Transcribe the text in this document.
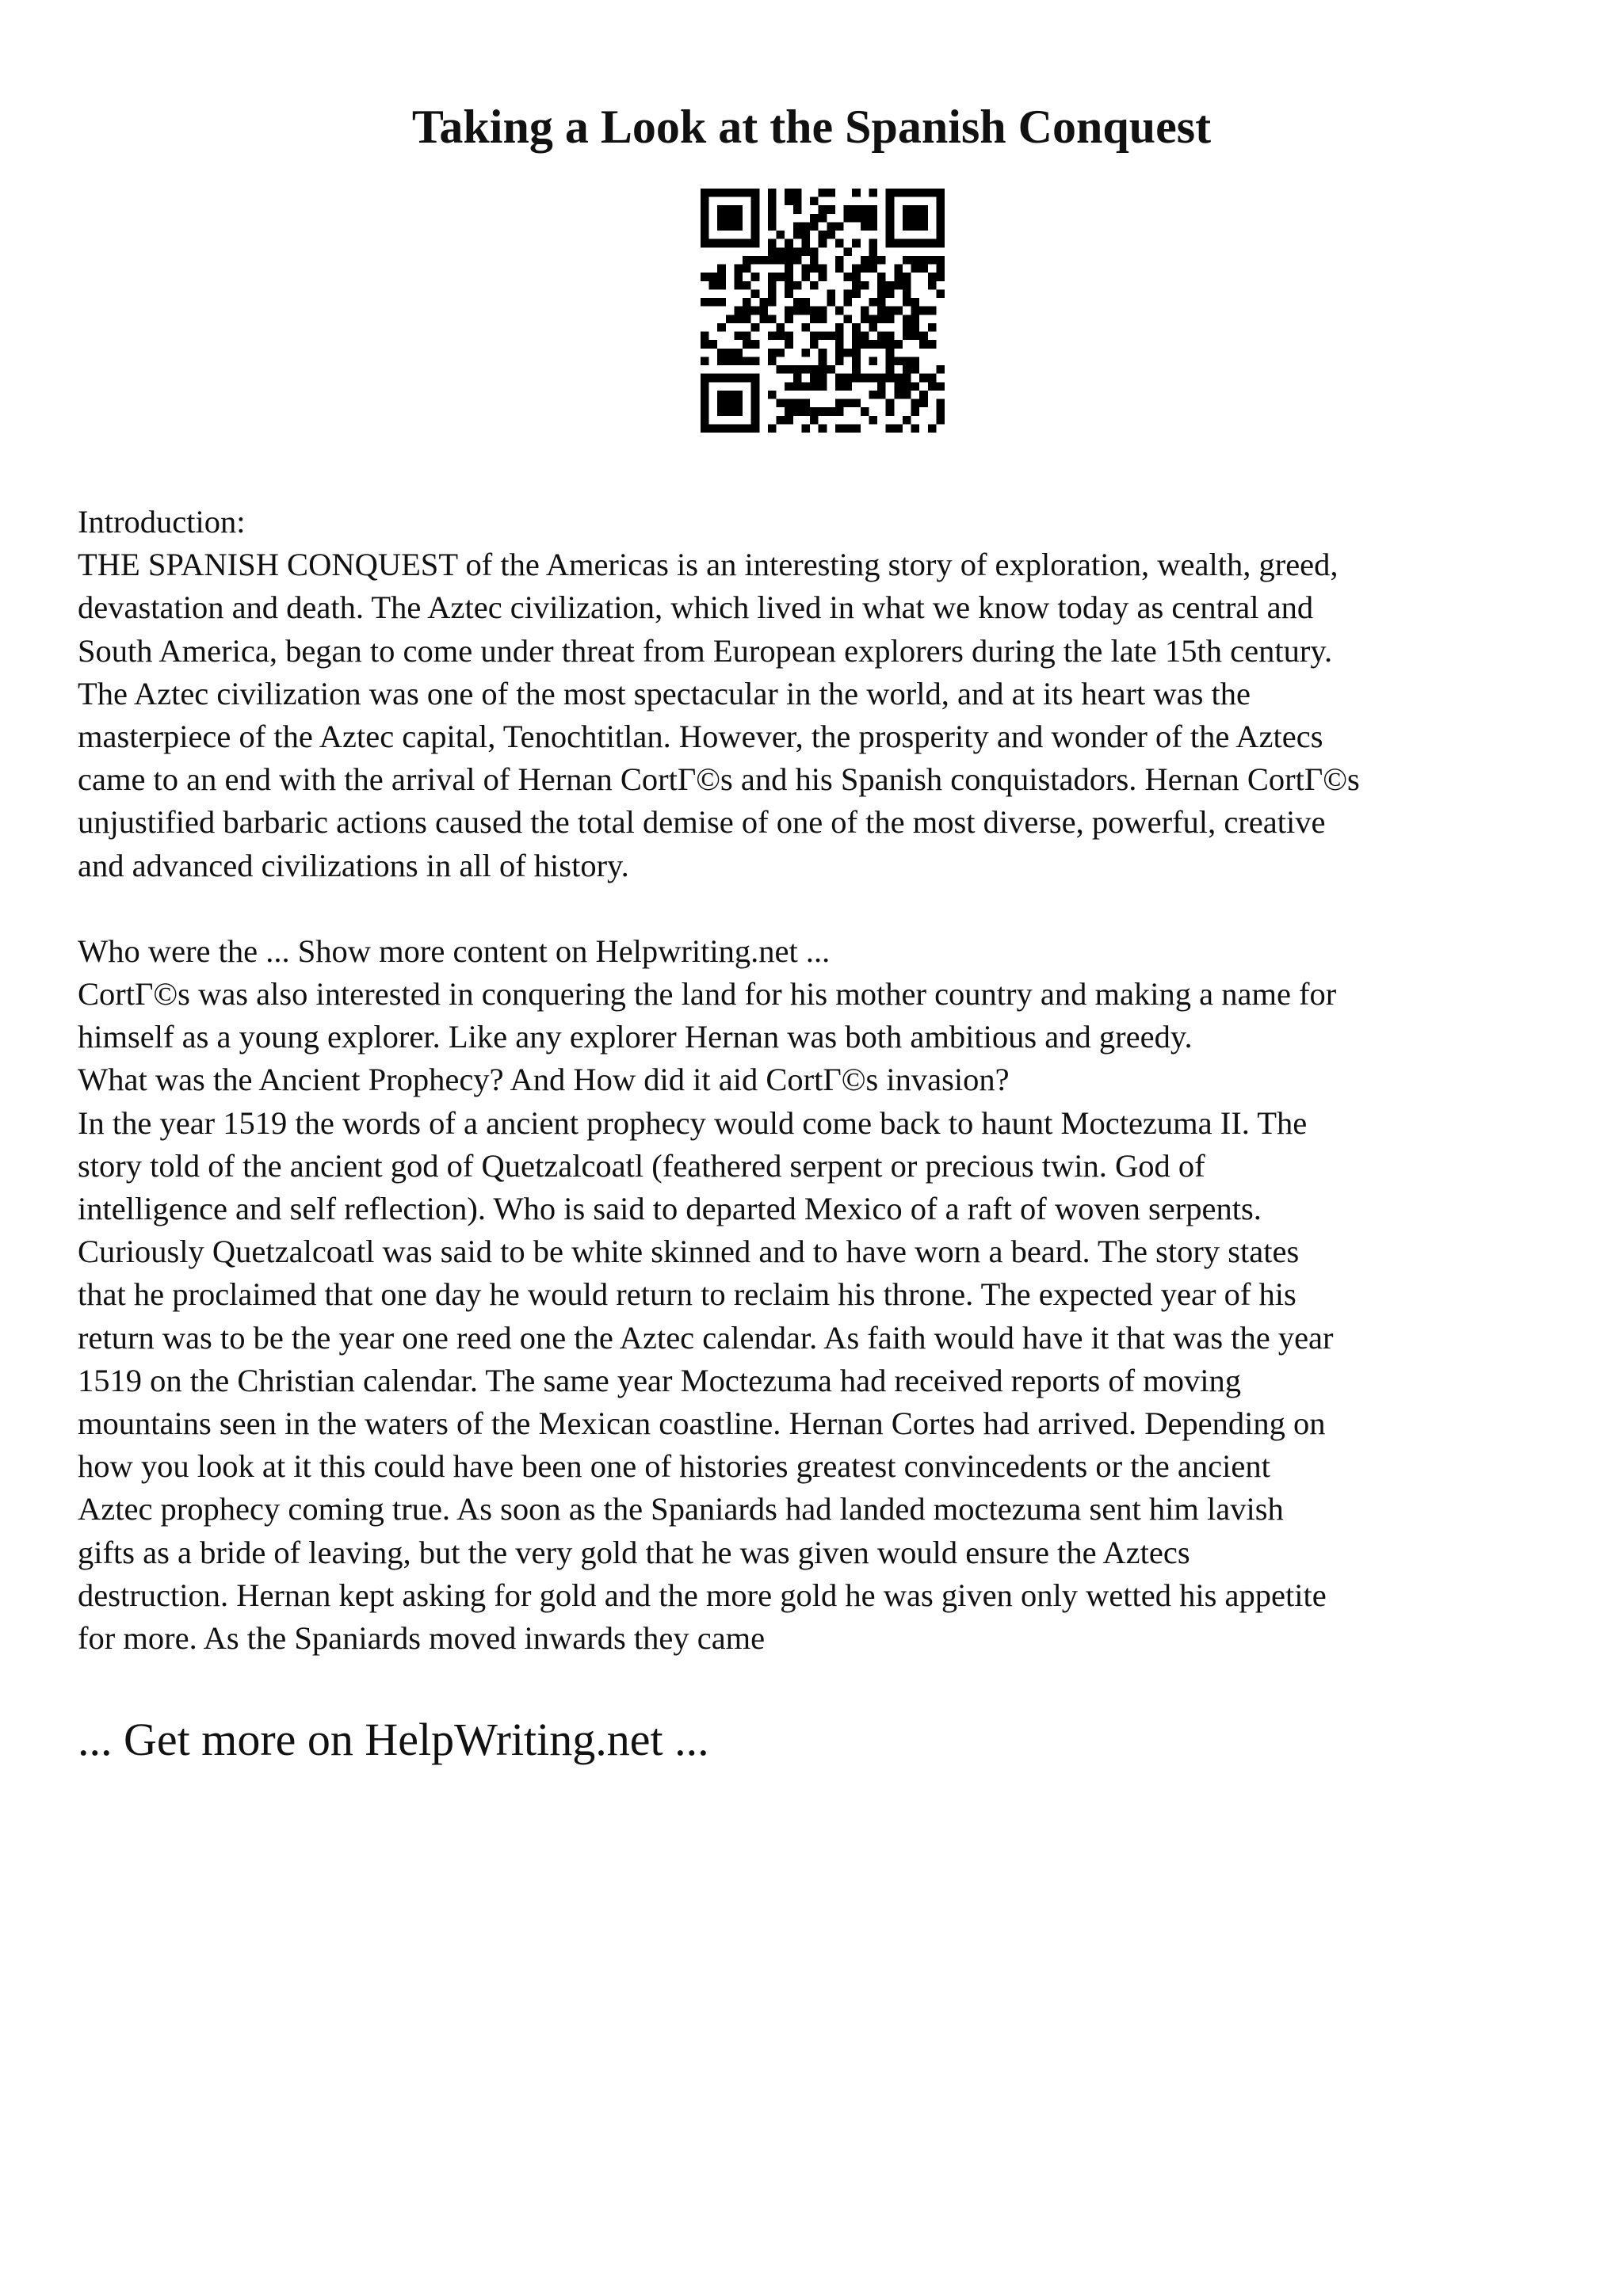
Taking a Look at the Spanish Conquest
Introduction:
THE SPANISH CONQUEST of the Americas is an interesting story of exploration, wealth, greed,
devastation and death. The Aztec civilization, which lived in what we know today as central and
South America, began to come under threat from European explorers during the late 15th century.
The Aztec civilization was one of the most spectacular in the world, and at its heart was the
masterpiece of the Aztec capital, Tenochtitlan. However, the prosperity and wonder of the Aztecs
came to an end with the arrival of Hernan CortΓ©s and his Spanish conquistadors. Hernan CortΓ©s
unjustified barbaric actions caused the total demise of one of the most diverse, powerful, creative
and advanced civilizations in all of history.
Who were the ... Show more content on Helpwriting.net ...
CortΓ©s was also interested in conquering the land for his mother country and making a name for
himself as a young explorer. Like any explorer Hernan was both ambitious and greedy.
What was the Ancient Prophecy? And How did it aid CortΓ©s invasion?
In the year 1519 the words of a ancient prophecy would come back to haunt Moctezuma II. The
story told of the ancient god of Quetzalcoatl (feathered serpent or precious twin. God of
intelligence and self reflection). Who is said to departed Mexico of a raft of woven serpents.
Curiously Quetzalcoatl was said to be white skinned and to have worn a beard. The story states
that he proclaimed that one day he would return to reclaim his throne. The expected year of his
return was to be the year one reed one the Aztec calendar. As faith would have it that was the year
1519 on the Christian calendar. The same year Moctezuma had received reports of moving
mountains seen in the waters of the Mexican coastline. Hernan Cortes had arrived. Depending on
how you look at it this could have been one of histories greatest convincedents or the ancient
Aztec prophecy coming true. As soon as the Spaniards had landed moctezuma sent him lavish
gifts as a bride of leaving, but the very gold that he was given would ensure the Aztecs
destruction. Hernan kept asking for gold and the more gold he was given only wetted his appetite
for more. As the Spaniards moved inwards they came
... Get more on HelpWriting.net ...
